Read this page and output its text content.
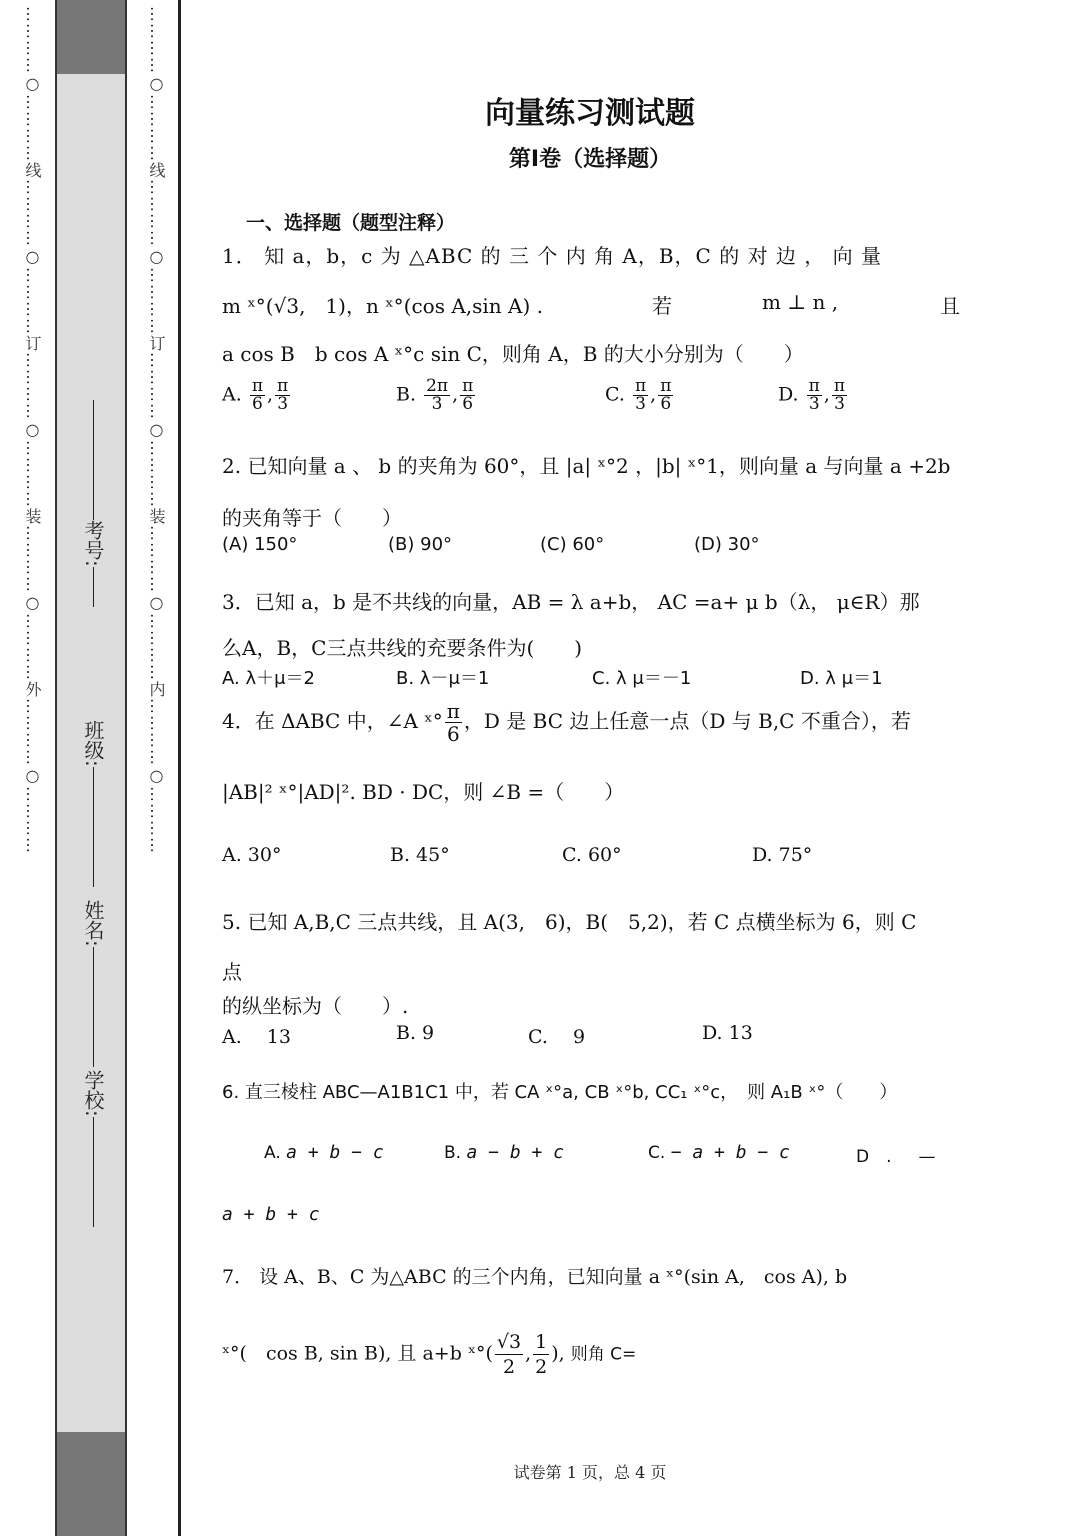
…………○…………线…………○…………订…………○…………装…………○…………外…………○…………	…………○…………线…………○…………订…………○…………装…………○…………内…………○…………
学校:
姓名:
班级:
考号:
向量练习测试题
第Ⅰ卷（选择题）
一、选择题（题型注释）
1． 知 a，b，c 为 △ABC 的 三 个 内 角 A，B，C 的 对 边 ， 向 量
m ˣ°(√3,　1)，n ˣ°(cos A,sin A) .	若	m ⊥ n ,	且
a cos B　b cos A ˣ°c sin C，则角 A，B 的大小分别为（　　）
A. $\frac{\pi}{6}$ , $\frac{\pi}{3}$	B. $\frac{2\pi}{3}$ , $\frac{\pi}{6}$	C. $\frac{\pi}{3}$ , $\frac{\pi}{6}$	D. $\frac{\pi}{3}$ , $\frac{\pi}{3}$
2. 已知向量 a 、 b 的夹角为 60°，且 |a| ˣ°2 ，|b| ˣ°1，则向量 a 与向量 a +2b
的夹角等于（　　）
(A) 150°	(B) 90°	(C) 60°	(D) 30°
3．已知 a，b 是不共线的向量，AB = λ a+b， AC =a+ μ b（λ， μ∈R）那
么A，B，C三点共线的充要条件为(　　)
A. λ＋μ＝2	B. λ－μ＝1	C. λ μ＝－1	D. λ μ＝1
4．在 ΔABC 中，∠A ˣ° $\frac{\pi}{6}$ ，D 是 BC 边上任意一点（D 与 B,C 不重合），若
|AB|² ˣ°|AD|². BD · DC，则 ∠B =（　　）
A. 30°	B. 45°	C. 60°	D. 75°
5. 已知 A,B,C 三点共线，且 A(3,　6)，B(　5,2)，若 C 点横坐标为 6，则 C
点
的纵坐标为（　　）.
A.　 13	B. 9	C.　 9	D. 13
6. 直三棱柱 ABC—A1B1C1 中，若 CA ˣ°a, CB ˣ°b, CC₁ ˣ°c，　则 A₁B ˣ°（　　）
A. a + b − c	B. a − b + c	C. − a + b − c	D　. —
a + b + c
7． 设 A、B、C 为△ABC 的三个内角，已知向量 a ˣ°(sin A,　cos A), b
ˣ°(　cos B, sin B), 且 a+b ˣ°( $\frac{√3}{2}$ , $\frac{1}{2}$ ), 则角 C=
试卷第 1 页，总 4 页
